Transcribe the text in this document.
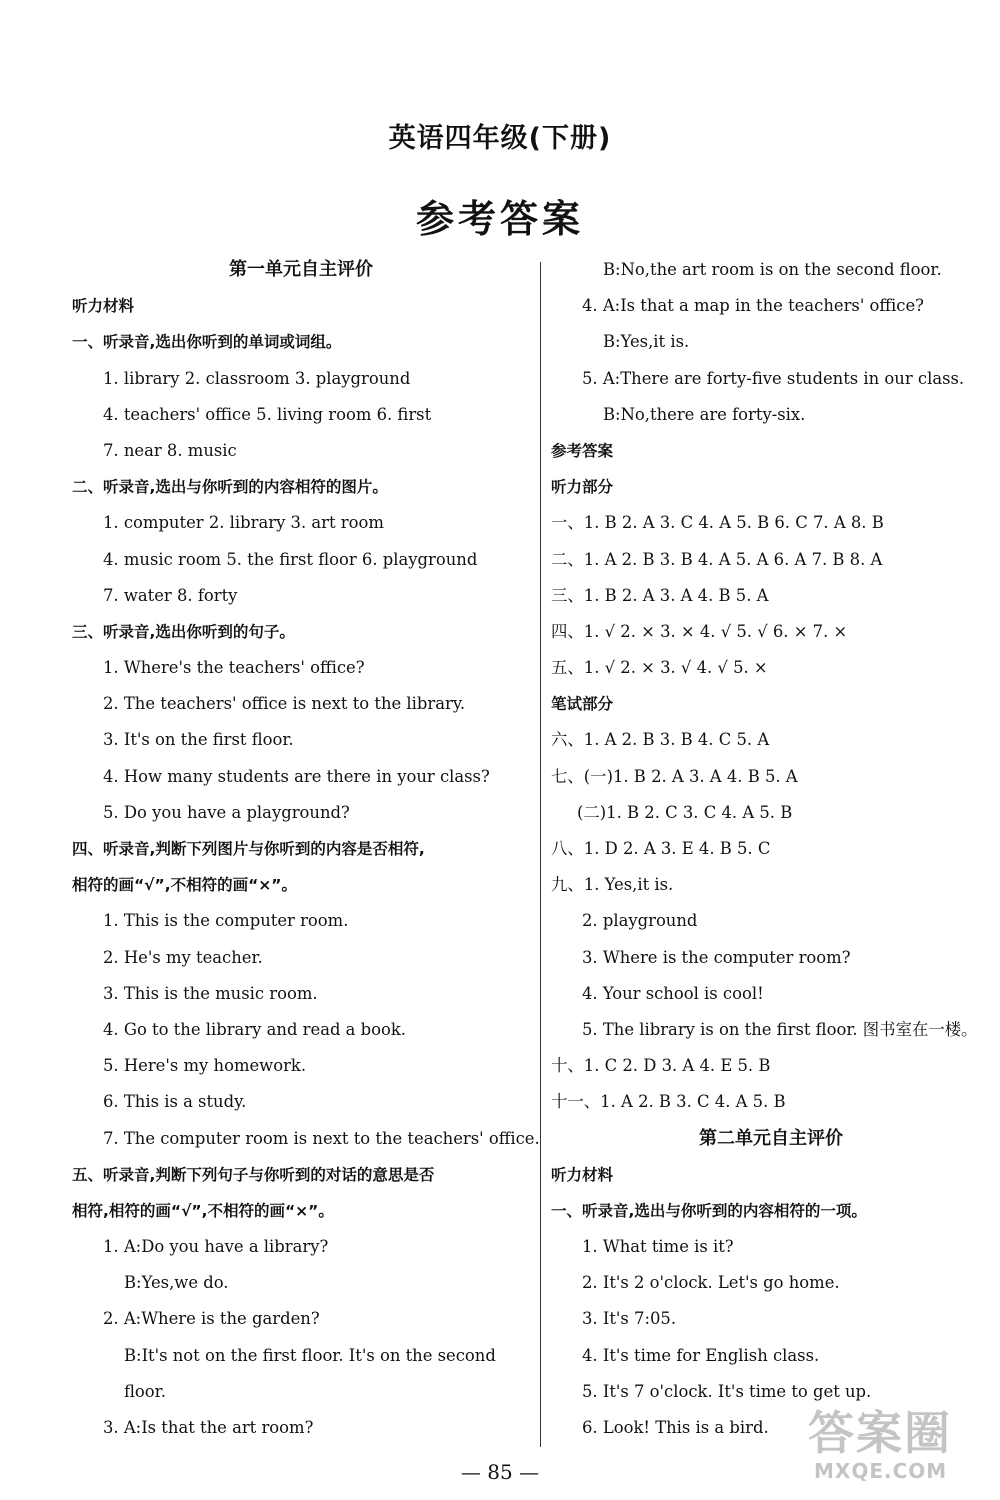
英语四年级(下册)
参考答案
第一单元自主评价
听力材料
一、听录音,选出你听到的单词或词组。
1. library 2. classroom 3. playground
4. teachers' office 5. living room 6. first
7. near 8. music
二、听录音,选出与你听到的内容相符的图片。
1. computer 2. library 3. art room
4. music room 5. the first floor 6. playground
7. water 8. forty
三、听录音,选出你听到的句子。
1. Where's the teachers' office?
2. The teachers' office is next to the library.
3. It's on the first floor.
4. How many students are there in your class?
5. Do you have a playground?
四、听录音,判断下列图片与你听到的内容是否相符,
相符的画“√”,不相符的画“×”。
1. This is the computer room.
2. He's my teacher.
3. This is the music room.
4. Go to the library and read a book.
5. Here's my homework.
6. This is a study.
7. The computer room is next to the teachers' office.
五、听录音,判断下列句子与你听到的对话的意思是否
相符,相符的画“√”,不相符的画“×”。
1. A:Do you have a library?
B:Yes,we do.
2. A:Where is the garden?
B:It's not on the first floor. It's on the second
floor.
3. A:Is that the art room?
B:No,the art room is on the second floor.
4. A:Is that a map in the teachers' office?
B:Yes,it is.
5. A:There are forty-five students in our class.
B:No,there are forty-six.
参考答案
听力部分
一、1. B 2. A 3. C 4. A 5. B 6. C 7. A 8. B
二、1. A 2. B 3. B 4. A 5. A 6. A 7. B 8. A
三、1. B 2. A 3. A 4. B 5. A
四、1. √ 2. × 3. × 4. √ 5. √ 6. × 7. ×
五、1. √ 2. × 3. √ 4. √ 5. ×
笔试部分
六、1. A 2. B 3. B 4. C 5. A
七、(一)1. B 2. A 3. A 4. B 5. A
(二)1. B 2. C 3. C 4. A 5. B
八、1. D 2. A 3. E 4. B 5. C
九、1. Yes,it is.
2. playground
3. Where is the computer room?
4. Your school is cool!
5. The library is on the first floor. 图书室在一楼。
十、1. C 2. D 3. A 4. E 5. B
十一、1. A 2. B 3. C 4. A 5. B
第二单元自主评价
听力材料
一、听录音,选出与你听到的内容相符的一项。
1. What time is it?
2. It's 2 o'clock. Let's go home.
3. It's 7:05.
4. It's time for English class.
5. It's 7 o'clock. It's time to get up.
6. Look! This is a bird.
— 85 —
答案圈
MXQE.COM
